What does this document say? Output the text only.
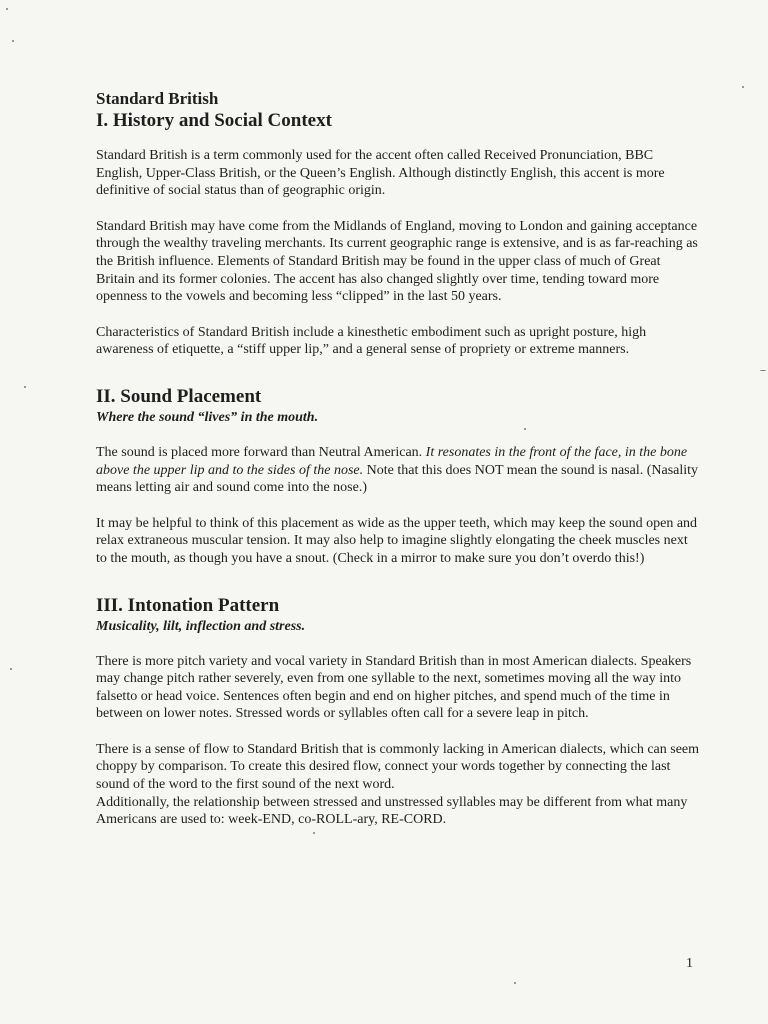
Standard British
I. History and Social Context

Standard British is a term commonly used for the accent often called Received Pronunciation, BBC English, Upper-Class British, or the Queen’s English. Although distinctly English, this accent is more definitive of social status than of geographic origin.

Standard British may have come from the Midlands of England, moving to London and gaining acceptance through the wealthy traveling merchants. Its current geographic range is extensive, and is as far-reaching as the British influence. Elements of Standard British may be found in the upper class of much of Great Britain and its former colonies. The accent has also changed slightly over time, tending toward more openness to the vowels and becoming less “clipped” in the last 50 years.

Characteristics of Standard British include a kinesthetic embodiment such as upright posture, high awareness of etiquette, a “stiff upper lip,” and a general sense of propriety or extreme manners.

II. Sound Placement

Where the sound “lives” in the mouth.

The sound is placed more forward than Neutral American. It resonates in the front of the face, in the bone above the upper lip and to the sides of the nose. Note that this does NOT mean the sound is nasal. (Nasality means letting air and sound come into the nose.)

It may be helpful to think of this placement as wide as the upper teeth, which may keep the sound open and relax extraneous muscular tension. It may also help to imagine slightly elongating the cheek muscles next to the mouth, as though you have a snout. (Check in a mirror to make sure you don’t overdo this!)

III. Intonation Pattern

Musicality, lilt, inflection and stress.

There is more pitch variety and vocal variety in Standard British than in most American dialects. Speakers may change pitch rather severely, even from one syllable to the next, sometimes moving all the way into falsetto or head voice. Sentences often begin and end on higher pitches, and spend much of the time in between on lower notes. Stressed words or syllables often call for a severe leap in pitch.

There is a sense of flow to Standard British that is commonly lacking in American dialects, which can seem choppy by comparison. To create this desired flow, connect your words together by connecting the last sound of the word to the first sound of the next word.

Additionally, the relationship between stressed and unstressed syllables may be different from what many Americans are used to: week-END, co-ROLL-ary, RE-CORD.

1
